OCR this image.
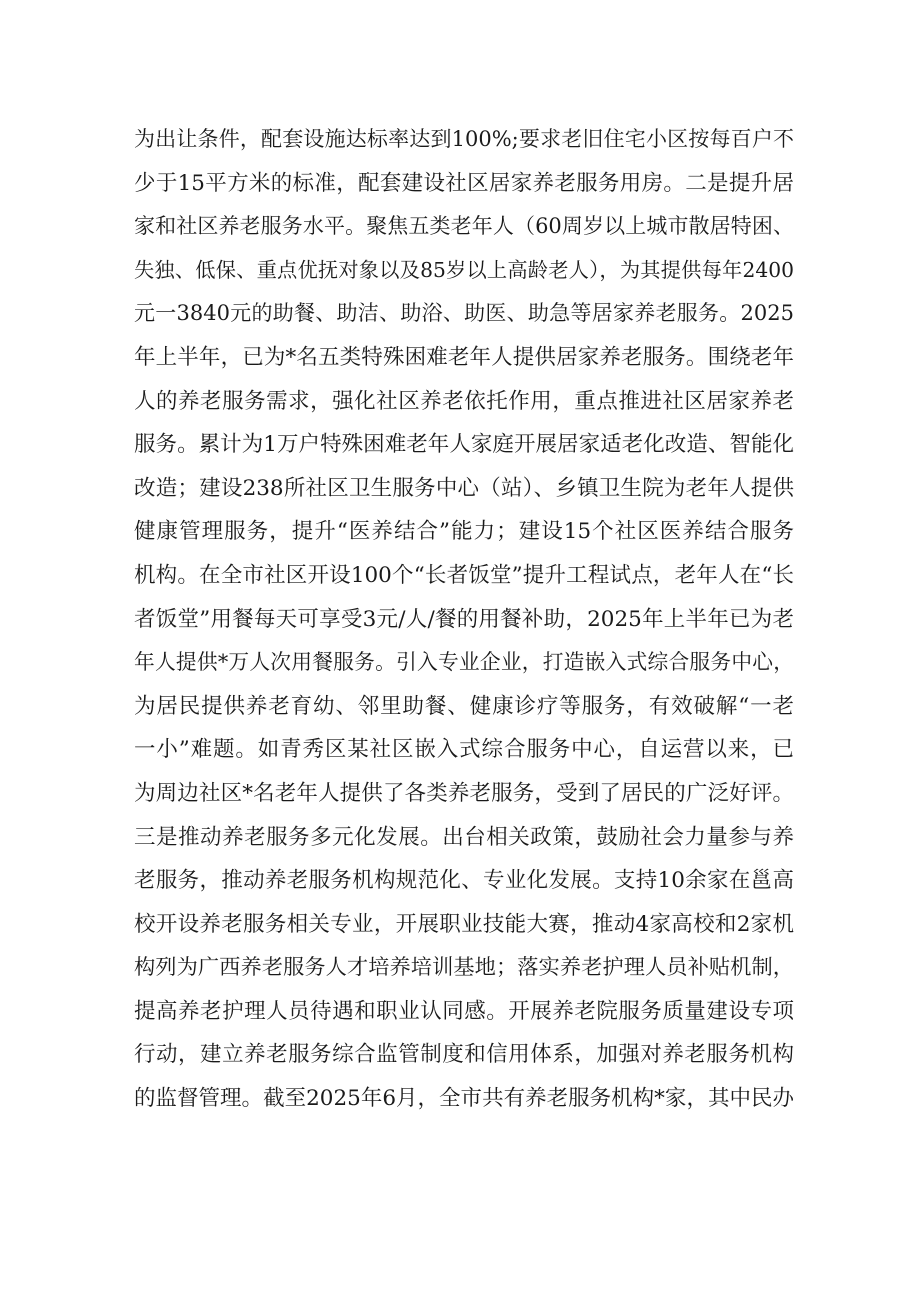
为出让条件，配套设施达标率达到100%;要求老旧住宅小区按每百户不
少于15平方米的标准，配套建设社区居家养老服务用房。二是提升居
家和社区养老服务水平。聚焦五类老年人（60周岁以上城市散居特困、
失独、低保、重点优抚对象以及85岁以上高龄老人），为其提供每年2400
元一3840元的助餐、助洁、助浴、助医、助急等居家养老服务。2025
年上半年，已为*名五类特殊困难老年人提供居家养老服务。围绕老年
人的养老服务需求，强化社区养老依托作用，重点推进社区居家养老
服务。累计为1万户特殊困难老年人家庭开展居家适老化改造、智能化
改造；建设238所社区卫生服务中心（站）、乡镇卫生院为老年人提供
健康管理服务，提升“医养结合”能力；建设15个社区医养结合服务
机构。在全市社区开设100个“长者饭堂”提升工程试点，老年人在“长
者饭堂”用餐每天可享受3元/人/餐的用餐补助，2025年上半年已为老
年人提供*万人次用餐服务。引入专业企业，打造嵌入式综合服务中心，
为居民提供养老育幼、邻里助餐、健康诊疗等服务，有效破解“一老
一小”难题。如青秀区某社区嵌入式综合服务中心，自运营以来，已
为周边社区*名老年人提供了各类养老服务，受到了居民的广泛好评。
三是推动养老服务多元化发展。出台相关政策，鼓励社会力量参与养
老服务，推动养老服务机构规范化、专业化发展。支持10余家在邕高
校开设养老服务相关专业，开展职业技能大赛，推动4家高校和2家机
构列为广西养老服务人才培养培训基地；落实养老护理人员补贴机制，
提高养老护理人员待遇和职业认同感。开展养老院服务质量建设专项
行动，建立养老服务综合监管制度和信用体系，加强对养老服务机构
的监督管理。截至2025年6月，全市共有养老服务机构*家，其中民办
